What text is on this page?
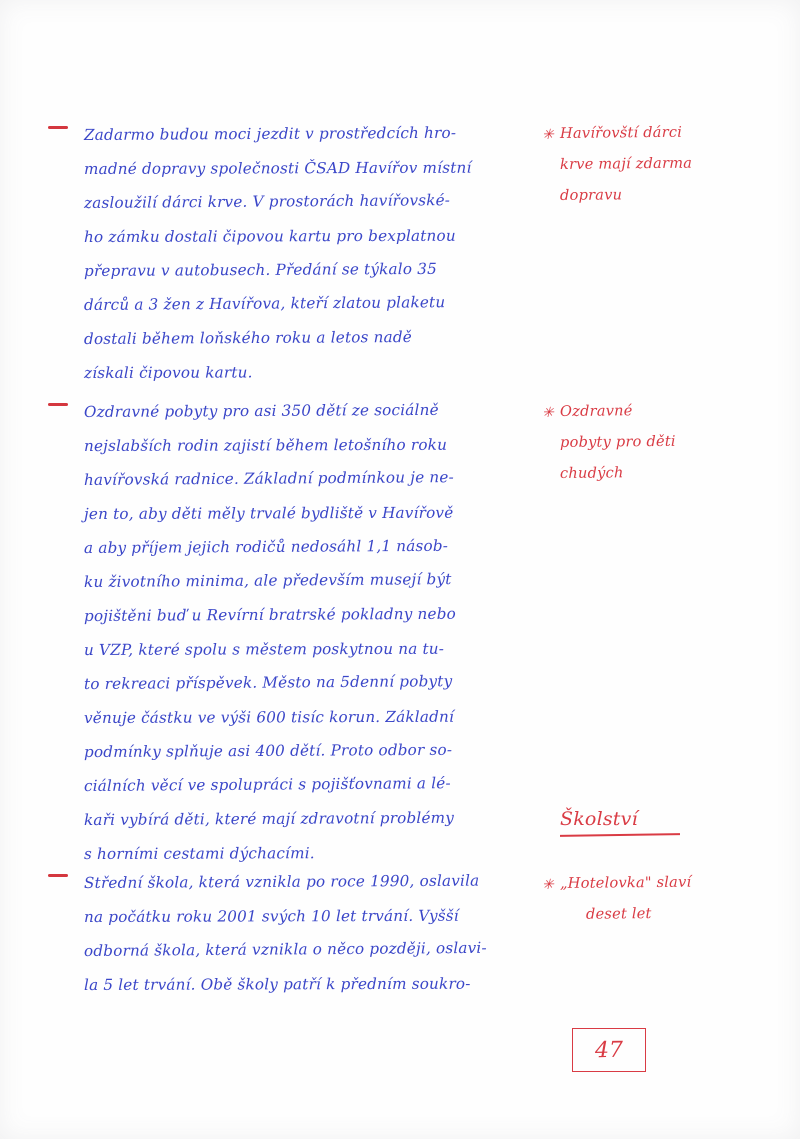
Zadarmo budou moci jezdit v prostředcích hro-
madné dopravy společnosti ČSAD Havířov místní
zasloužilí dárci krve. V prostorách havířovské-
ho zámku dostali čipovou kartu pro bexplatnou
přepravu v autobusech. Předání se týkalo 35
dárců a 3 žen z Havířova, kteří zlatou plaketu
dostali během loňského roku a letos nadě
získali čipovou kartu.
✳ Havířovští dárci
krve mají zdarma
dopravu
Ozdravné pobyty pro asi 350 dětí ze sociálně
nejslabších rodin zajistí během letošního roku
havířovská radnice. Základní podmínkou je ne-
jen to, aby děti měly trvalé bydliště v Havířově
a aby příjem jejich rodičů nedosáhl 1,1 násob-
ku životního minima, ale především musejí být
pojištěni buď u Revírní bratrské pokladny nebo
u VZP, které spolu s městem poskytnou na tu-
to rekreaci příspěvek. Město na 5denní pobyty
věnuje částku ve výši 600 tisíc korun. Základní
podmínky splňuje asi 400 dětí. Proto odbor so-
ciálních věcí ve spolupráci s pojišťovnami a lé-
kaři vybírá děti, které mají zdravotní problémy
s horními cestami dýchacími.
✳ Ozdravné
pobyty pro děti
chudých
Školství
Střední škola, která vznikla po roce 1990, oslavila
na počátku roku 2001 svých 10 let trvání. Vyšší
odborná škola, která vznikla o něco později, oslavi-
la 5 let trvání. Obě školy patří k předním soukro-
✳ „Hotelovka" slaví
deset let
47
